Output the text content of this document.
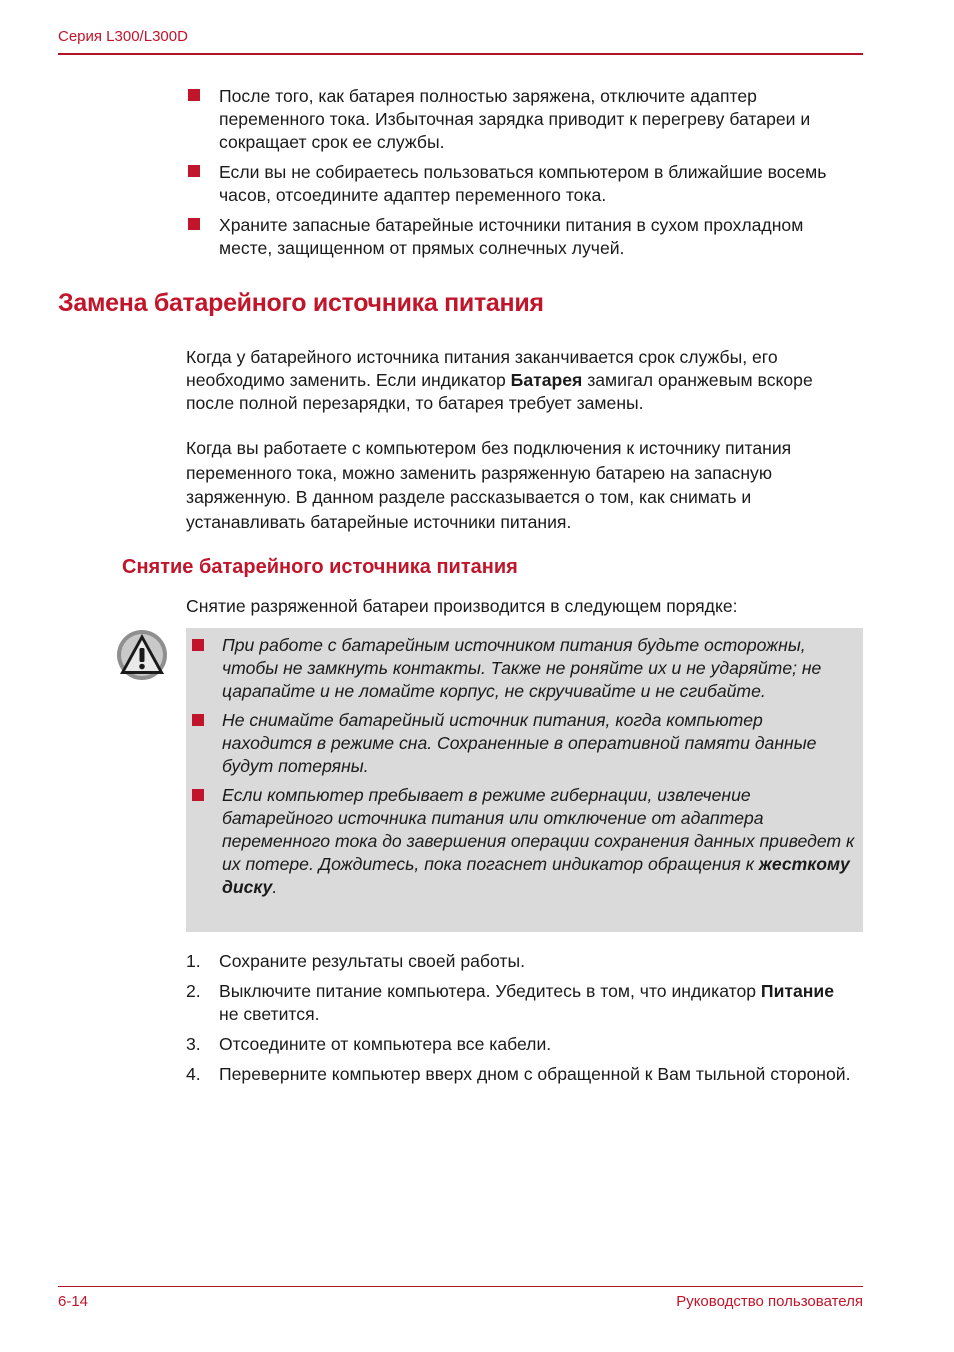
Серия L300/L300D
После того, как батарея полностью заряжена, отключите адаптер переменного тока. Избыточная зарядка приводит к перегреву батареи и сокращает срок ее службы.
Если вы не собираетесь пользоваться компьютером в ближайшие восемь часов, отсоедините адаптер переменного тока.
Храните запасные батарейные источники питания в сухом прохладном месте, защищенном от прямых солнечных лучей.
Замена батарейного источника питания

Когда у батарейного источника питания заканчивается срок службы, его необходимо заменить. Если индикатор Батарея замигал оранжевым вскоре после полной перезарядки, то батарея требует замены.

Когда вы работаете с компьютером без подключения к источнику питания переменного тока, можно заменить разряженную батарею на запасную заряженную. В данном разделе рассказывается о том, как снимать и устанавливать батарейные источники питания.

Снятие батарейного источника питания

Снятие разряженной батареи производится в следующем порядке:

При работе с батарейным источником питания будьте осторожны, чтобы не замкнуть контакты. Также не роняйте их и не ударяйте; не царапайте и не ломайте корпус, не скручивайте и не сгибайте.
Не снимайте батарейный источник питания, когда компьютер находится в режиме сна. Сохраненные в оперативной памяти данные будут потеряны.
Если компьютер пребывает в режиме гибернации, извлечение батарейного источника питания или отключение от адаптера переменного тока до завершения операции сохранения данных приведет к их потере. Дождитесь, пока погаснет индикатор обращения к жесткому диску.
1. Сохраните результаты своей работы.
2. Выключите питание компьютера. Убедитесь в том, что индикатор Питание не светится.
3. Отсоедините от компьютера все кабели.
4. Переверните компьютер вверх дном с обращенной к Вам тыльной стороной.
6-14	Руководство пользователя
